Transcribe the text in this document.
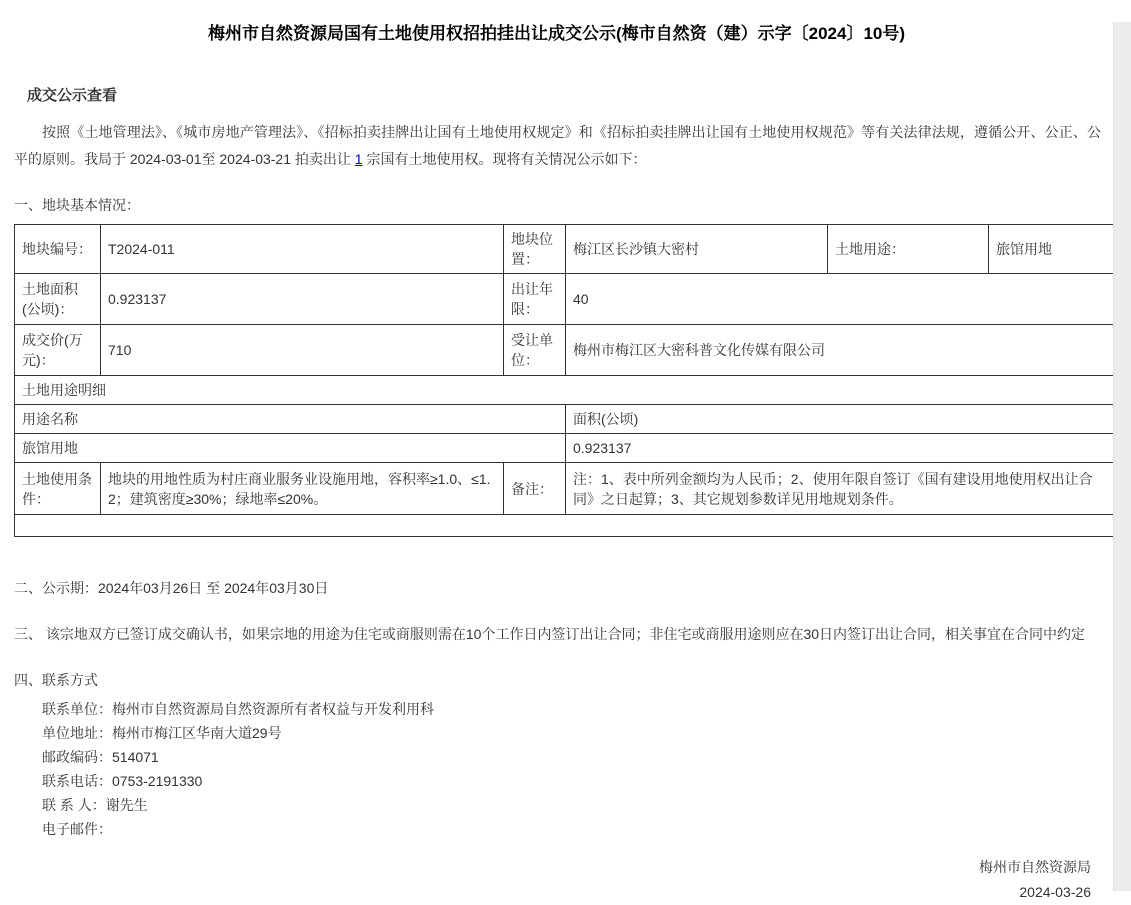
梅州市自然资源局国有土地使用权招拍挂出让成交公示(梅市自然资（建）示字〔2024〕10号)
成交公示查看
按照《土地管理法》、《城市房地产管理法》、《招标拍卖挂牌出让国有土地使用权规定》和《招标拍卖挂牌出让国有土地使用权规范》等有关法律法规，遵循公开、公正、公平的原则。我局于 2024-03-01至 2024-03-21 拍卖出让 1 宗国有土地使用权。现将有关情况公示如下：
一、地块基本情况：
地块编号：	T2024-011	地块位置：	梅江区长沙镇大密村	土地用途：	旅馆用地
土地面积(公顷)：	0.923137	出让年限：	40		
成交价(万元)：	710	受让单位：	梅州市梅江区大密科普文化传媒有限公司		
土地用途明细					
用途名称			面积(公顷)		
旅馆用地			0.923137		
土地使用条件：	地块的用地性质为村庄商业服务业设施用地，容积率≥1.0、≤1.2；建筑密度≥30%；绿地率≤20%。	备注：	注：1、表中所列金额均为人民币；2、使用年限自签订《国有建设用地使用权出让合同》之日起算；3、其它规划参数详见用地规划条件。		

二、公示期：2024年03月26日 至 2024年03月30日
三、 该宗地双方已签订成交确认书，如果宗地的用途为住宅或商服则需在10个工作日内签订出让合同；非住宅或商服用途则应在30日内签订出让合同，相关事宜在合同中约定
四、联系方式
联系单位：梅州市自然资源局自然资源所有者权益与开发利用科
单位地址：梅州市梅江区华南大道29号
邮政编码：514071
联系电话：0753-2191330
联 系 人：谢先生
电子邮件：
梅州市自然资源局
2024-03-26
